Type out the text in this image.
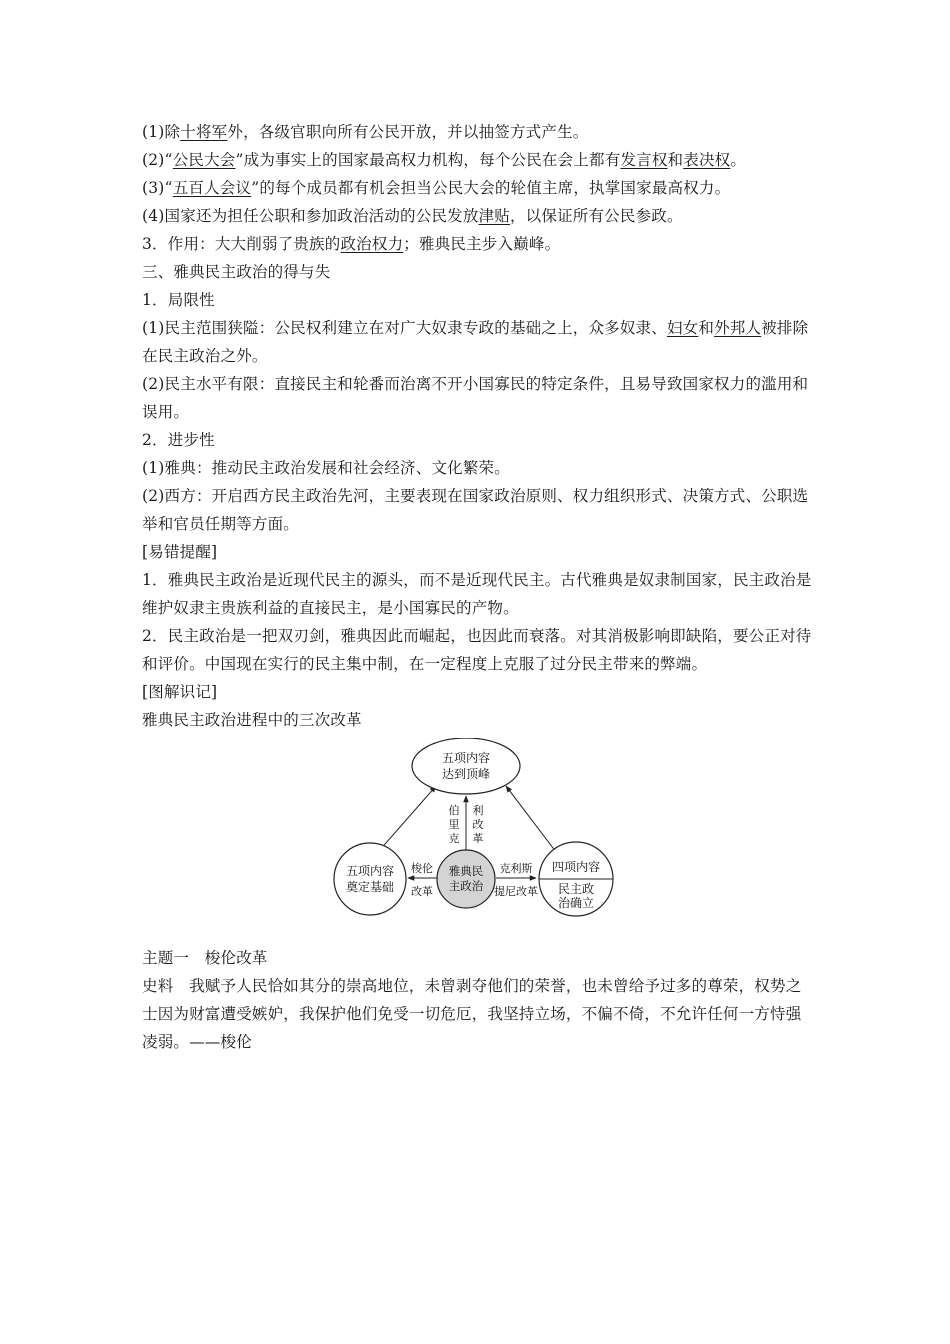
(1)除十将军外，各级官职向所有公民开放，并以抽签方式产生。
(2)“公民大会”成为事实上的国家最高权力机构，每个公民在会上都有发言权和表决权。
(3)“五百人会议”的每个成员都有机会担当公民大会的轮值主席，执掌国家最高权力。
(4)国家还为担任公职和参加政治活动的公民发放津贴，以保证所有公民参政。
3．作用：大大削弱了贵族的政治权力；雅典民主步入巅峰。
三、雅典民主政治的得与失
1．局限性
(1)民主范围狭隘：公民权利建立在对广大奴隶专政的基础之上，众多奴隶、妇女和外邦人被排除在民主政治之外。
(2)民主水平有限：直接民主和轮番而治离不开小国寡民的特定条件，且易导致国家权力的滥用和误用。
2．进步性
(1)雅典：推动民主政治发展和社会经济、文化繁荣。
(2)西方：开启西方民主政治先河，主要表现在国家政治原则、权力组织形式、决策方式、公职选举和官员任期等方面。
[易错提醒]
1．雅典民主政治是近现代民主的源头，而不是近现代民主。古代雅典是奴隶制国家，民主政治是维护奴隶主贵族利益的直接民主，是小国寡民的产物。
2．民主政治是一把双刃剑，雅典因此而崛起，也因此而衰落。对其消极影响即缺陷，要公正对待和评价。中国现在实行的民主集中制，在一定程度上克服了过分民主带来的弊端。
[图解识记]
雅典民主政治进程中的三次改革
五项内容
达到顶峰
五项内容
奠定基础
雅典民
主政治
四项内容
民主政
治确立
伯
里
克
利
改
革
梭伦
改革
克利斯
提尼改革
主题一　梭伦改革
史料　我赋予人民恰如其分的崇高地位，未曾剥夺他们的荣誉，也未曾给予过多的尊荣，权势之士因为财富遭受嫉妒，我保护他们免受一切危厄，我坚持立场，不偏不倚，不允许任何一方恃强凌弱。——梭伦
